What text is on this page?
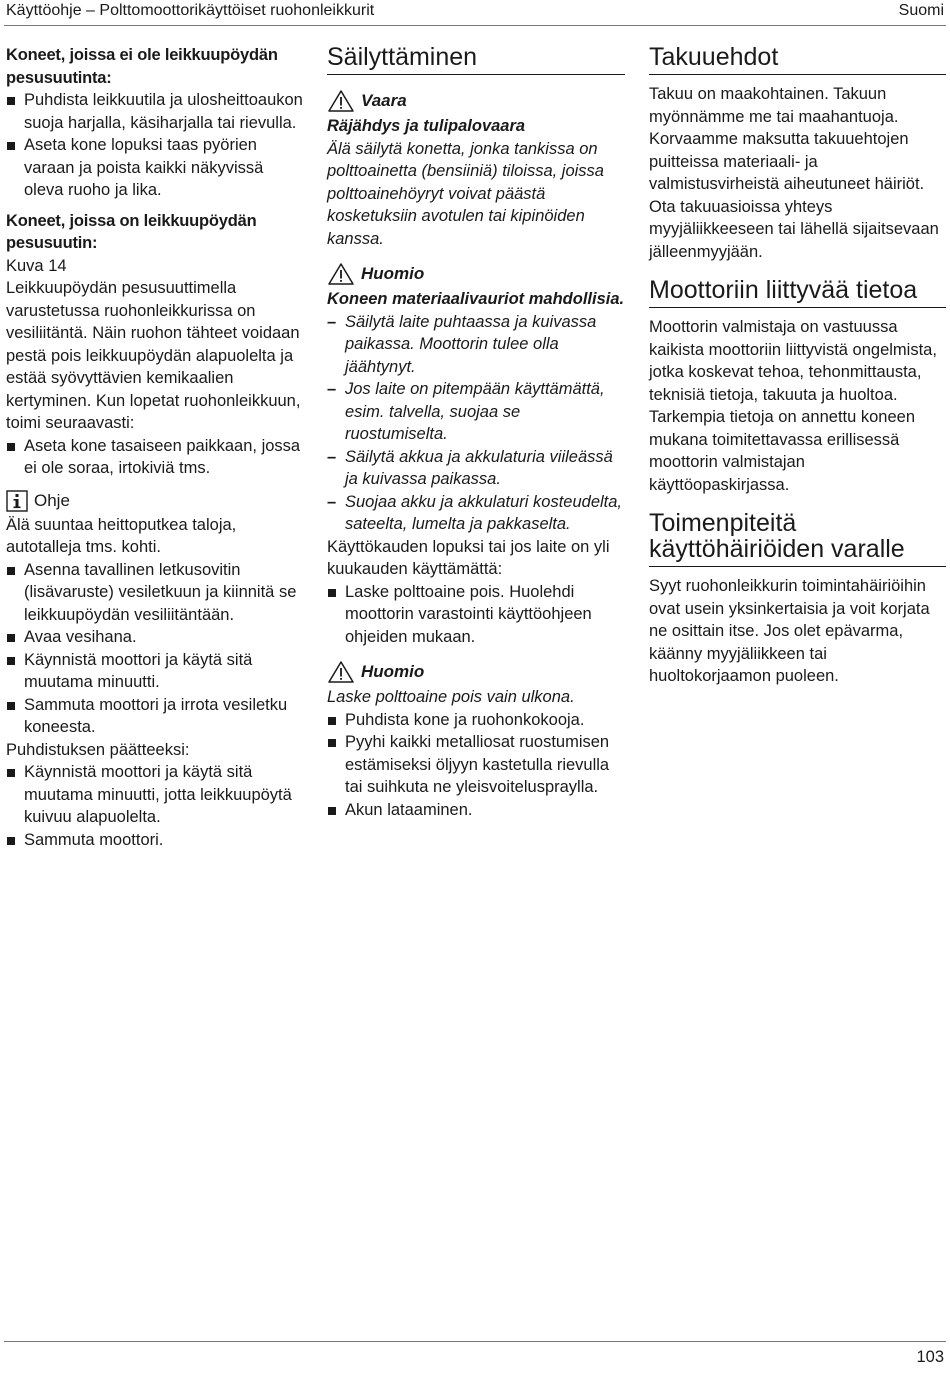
Käyttöohje – Polttomoottorikäyttöiset ruohonleikkurit	Suomi
Koneet, joissa ei ole leikkuupöydän pesusuutinta:
Puhdista leikkuutila ja ulosheittoaukon suoja harjalla, käsiharjalla tai rievulla.
Aseta kone lopuksi taas pyörien varaan ja poista kaikki näkyvissä oleva ruoho ja lika.
Koneet, joissa on leikkuupöydän pesusuutin:

Kuva 14

Leikkuupöydän pesusuuttimella varustetussa ruohonleikkurissa on vesiliitäntä. Näin ruohon tähteet voidaan pestä pois leikkuupöydän alapuolelta ja estää syövyttävien kemikaalien kertyminen. Kun lopetat ruohonleikkuun, toimi seuraavasti:

Aseta kone tasaiseen paikkaan, jossa ei ole soraa, irtokiviä tms.
Ohje

Älä suuntaa heittoputkea taloja, autotalleja tms. kohti.

Asenna tavallinen letkusovitin (lisävaruste) vesiletkuun ja kiinnitä se leikkuupöydän vesiliitäntään.
Avaa vesihana.
Käynnistä moottori ja käytä sitä muutama minuutti.
Sammuta moottori ja irrota vesiletku koneesta.

Puhdistuksen päätteeksi:

Käynnistä moottori ja käytä sitä muutama minuutti, jotta leikkuupöytä kuivuu alapuolelta.
Sammuta moottori.
Säilyttäminen
Vaara

Räjähdys ja tulipalovaara

Älä säilytä konetta, jonka tankissa on polttoainetta (bensiiniä) tiloissa, joissa polttoainehöyryt voivat päästä kosketuksiin avotulen tai kipinöiden kanssa.

Huomio

Koneen materiaalivauriot mahdollisia.

– Säilytä laite puhtaassa ja kuivassa paikassa. Moottorin tulee olla jäähtynyt.
– Jos laite on pitempään käyttämättä, esim. talvella, suojaa se ruostumiselta.
– Säilytä akkua ja akkulaturia viileässä ja kuivassa paikassa.
– Suojaa akku ja akkulaturi kosteudelta, sateelta, lumelta ja pakkaselta.

Käyttökauden lopuksi tai jos laite on yli kuukauden käyttämättä:

Laske polttoaine pois. Huolehdi moottorin varastointi käyttöohjeen ohjeiden mukaan.
Huomio

Laske polttoaine pois vain ulkona.

Puhdista kone ja ruohonkokooja.
Pyyhi kaikki metalliosat ruostumisen estämiseksi öljyyn kastetulla rievulla tai suihkuta ne yleisvoiteluspraylla.
Akun lataaminen.
Takuuehdot

Takuu on maakohtainen. Takuun myönnämme me tai maahantuoja. Korvaamme maksutta takuuehtojen puitteissa materiaali- ja valmistusvirheistä aiheutuneet häiriöt. Ota takuuasioissa yhteys myyjäliikkeeseen tai lähellä sijaitsevaan jälleenmyyjään.

Moottoriin liittyvää tietoa

Moottorin valmistaja on vastuussa kaikista moottoriin liittyvistä ongelmista, jotka koskevat tehoa, tehonmittausta, teknisiä tietoja, takuuta ja huoltoa. Tarkempia tietoja on annettu koneen mukana toimitettavassa erillisessä moottorin valmistajan käyttöopaskirjassa.

Toimenpiteitä käyttöhäiriöiden varalle

Syyt ruohonleikkurin toimintahäiriöihin ovat usein yksinkertaisia ja voit korjata ne osittain itse. Jos olet epävarma, käänny myyjäliikkeen tai huoltokorjaamon puoleen.

103
